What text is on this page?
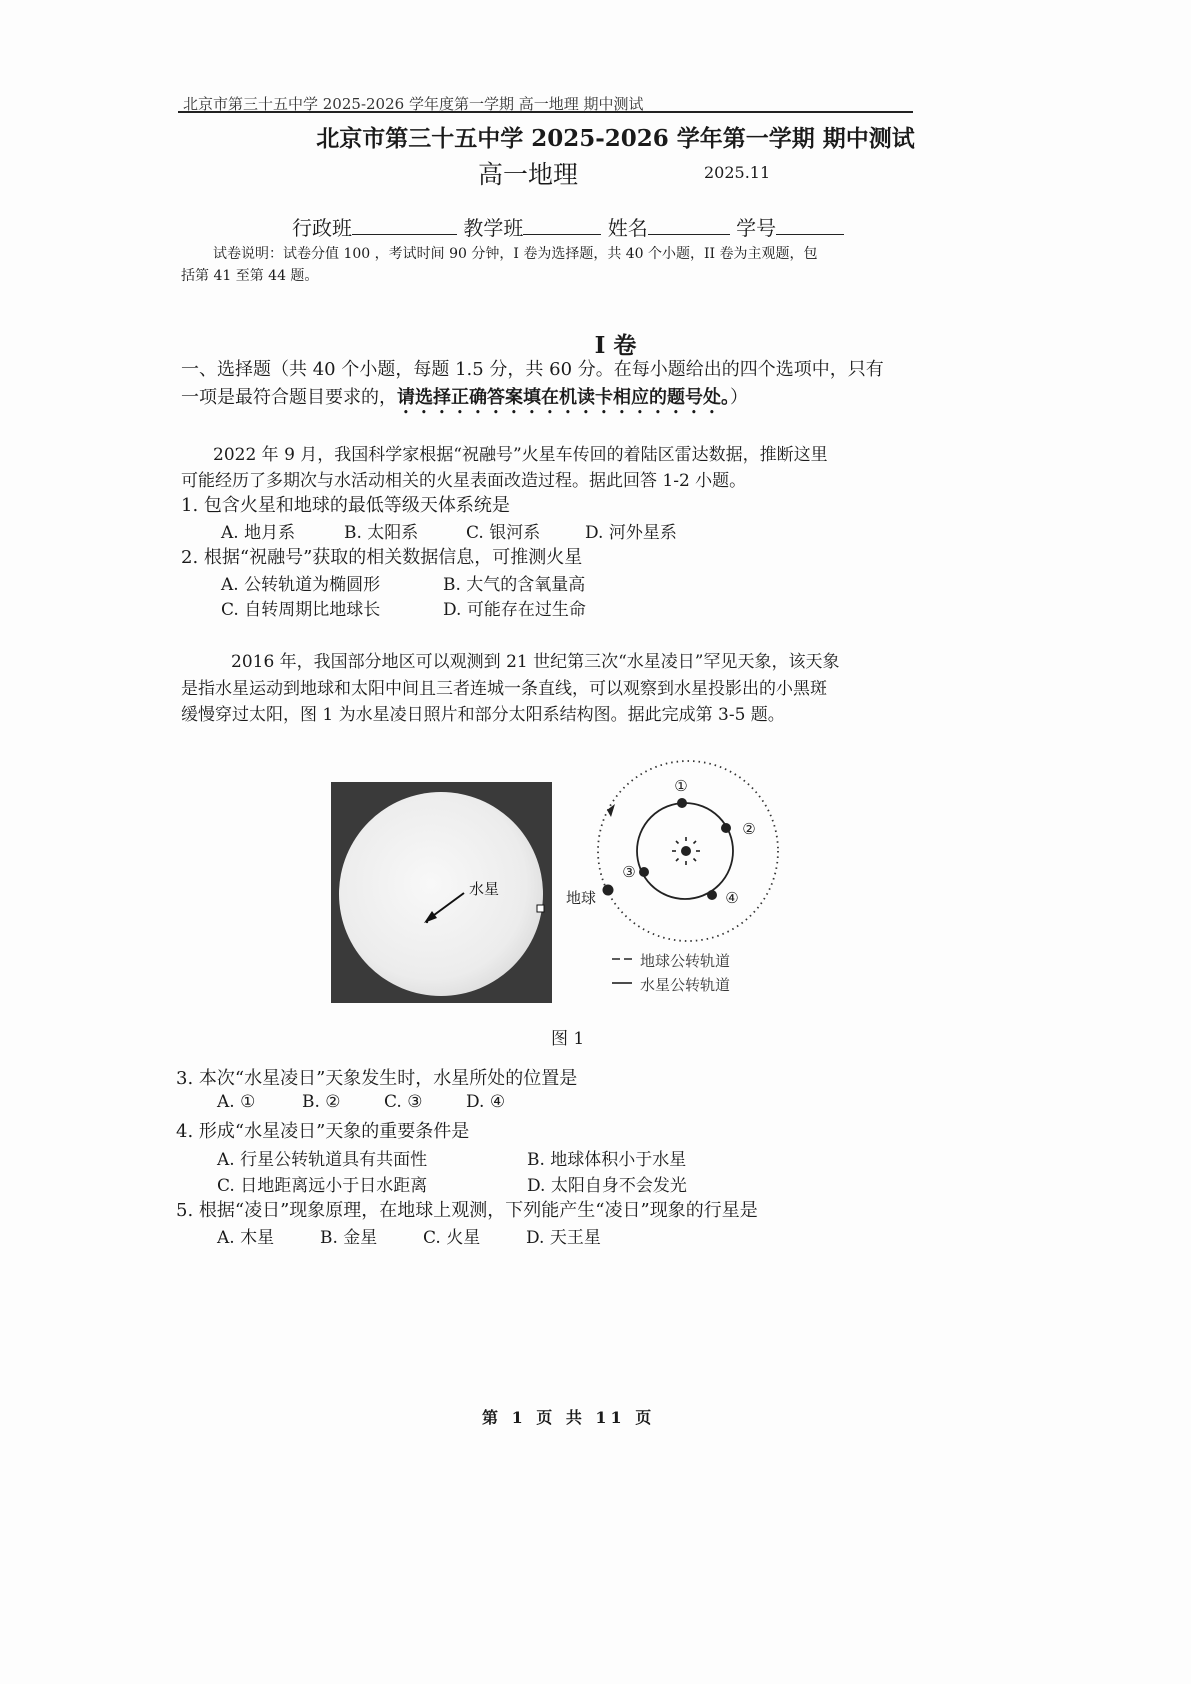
北京市第三十五中学 2025-2026 学年度第一学期 高一地理 期中测试
北京市第三十五中学 2025-2026 学年第一学期 期中测试
高一地理	2025.11
行政班	教学班	姓名	学号
试卷说明：试卷分值 100 ，考试时间 90 分钟，I 卷为选择题，共 40 个小题，II 卷为主观题，包
括第 41 至第 44 题。
I 卷
一、选择题（共 40 个小题，每题 1.5 分，共 60 分。在每小题给出的四个选项中，只有
一项是最符合题目要求的，请选择正确答案填在机读卡相应的题号处。）
2022 年 9 月，我国科学家根据“祝融号”火星车传回的着陆区雷达数据，推断这里
可能经历了多期次与水活动相关的火星表面改造过程。据此回答 1-2 小题。
1. 包含火星和地球的最低等级天体系统是
A. 地月系	B. 太阳系	C. 银河系	D. 河外星系
2. 根据“祝融号”获取的相关数据信息，可推测火星
A. 公转轨道为椭圆形	B. 大气的含氧量高
C. 自转周期比地球长	D. 可能存在过生命
2016 年，我国部分地区可以观测到 21 世纪第三次“水星凌日”罕见天象，该天象
是指水星运动到地球和太阳中间且三者连城一条直线，可以观察到水星投影出的小黑斑
缓慢穿过太阳，图 1 为水星凌日照片和部分太阳系结构图。据此完成第 3-5 题。
水星
①
②
③
④
地球
地球公转轨道
水星公转轨道
图 1
3. 本次“水星凌日”天象发生时，水星所处的位置是
A. ①	B. ②	C. ③	D. ④
4. 形成“水星凌日”天象的重要条件是
A. 行星公转轨道具有共面性	B. 地球体积小于水星
C. 日地距离远小于日水距离	D. 太阳自身不会发光
5. 根据“凌日”现象原理，在地球上观测，下列能产生“凌日”现象的行星是
A. 木星	B. 金星	C. 火星	D. 天王星
第 1 页 共 11 页
